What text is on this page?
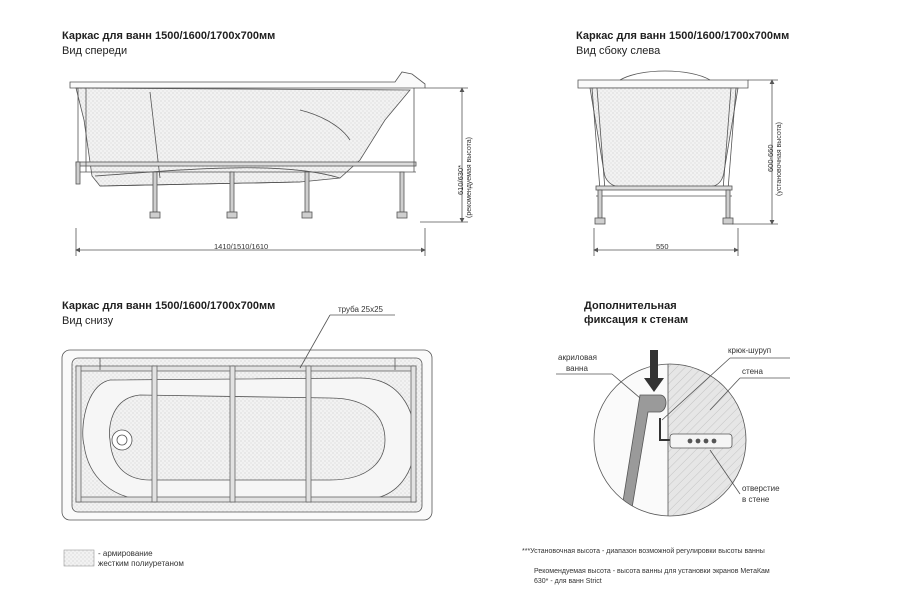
Каркас для ванн 1500/1600/1700х700мм
Вид спереди
1410/1510/1610
610/630* (рекомендуемая высота)
Каркас для ванн 1500/1600/1700х700мм
Вид сбоку слева
550
600-660 (установочная высота)
Каркас для ванн 1500/1600/1700х700мм
Вид снизу
труба 25х25	Дополнительная
фиксация к стенам
акриловая
ванна
крюк-шуруп
стена
отверстие
в стене
- армирование
жестким полиуретаном
***Установочная высота - диапазон возможной регулировки высоты ванны
Рекомендуемая высота - высота ванны для установки экранов МетаКам
630* - для ванн Strict
